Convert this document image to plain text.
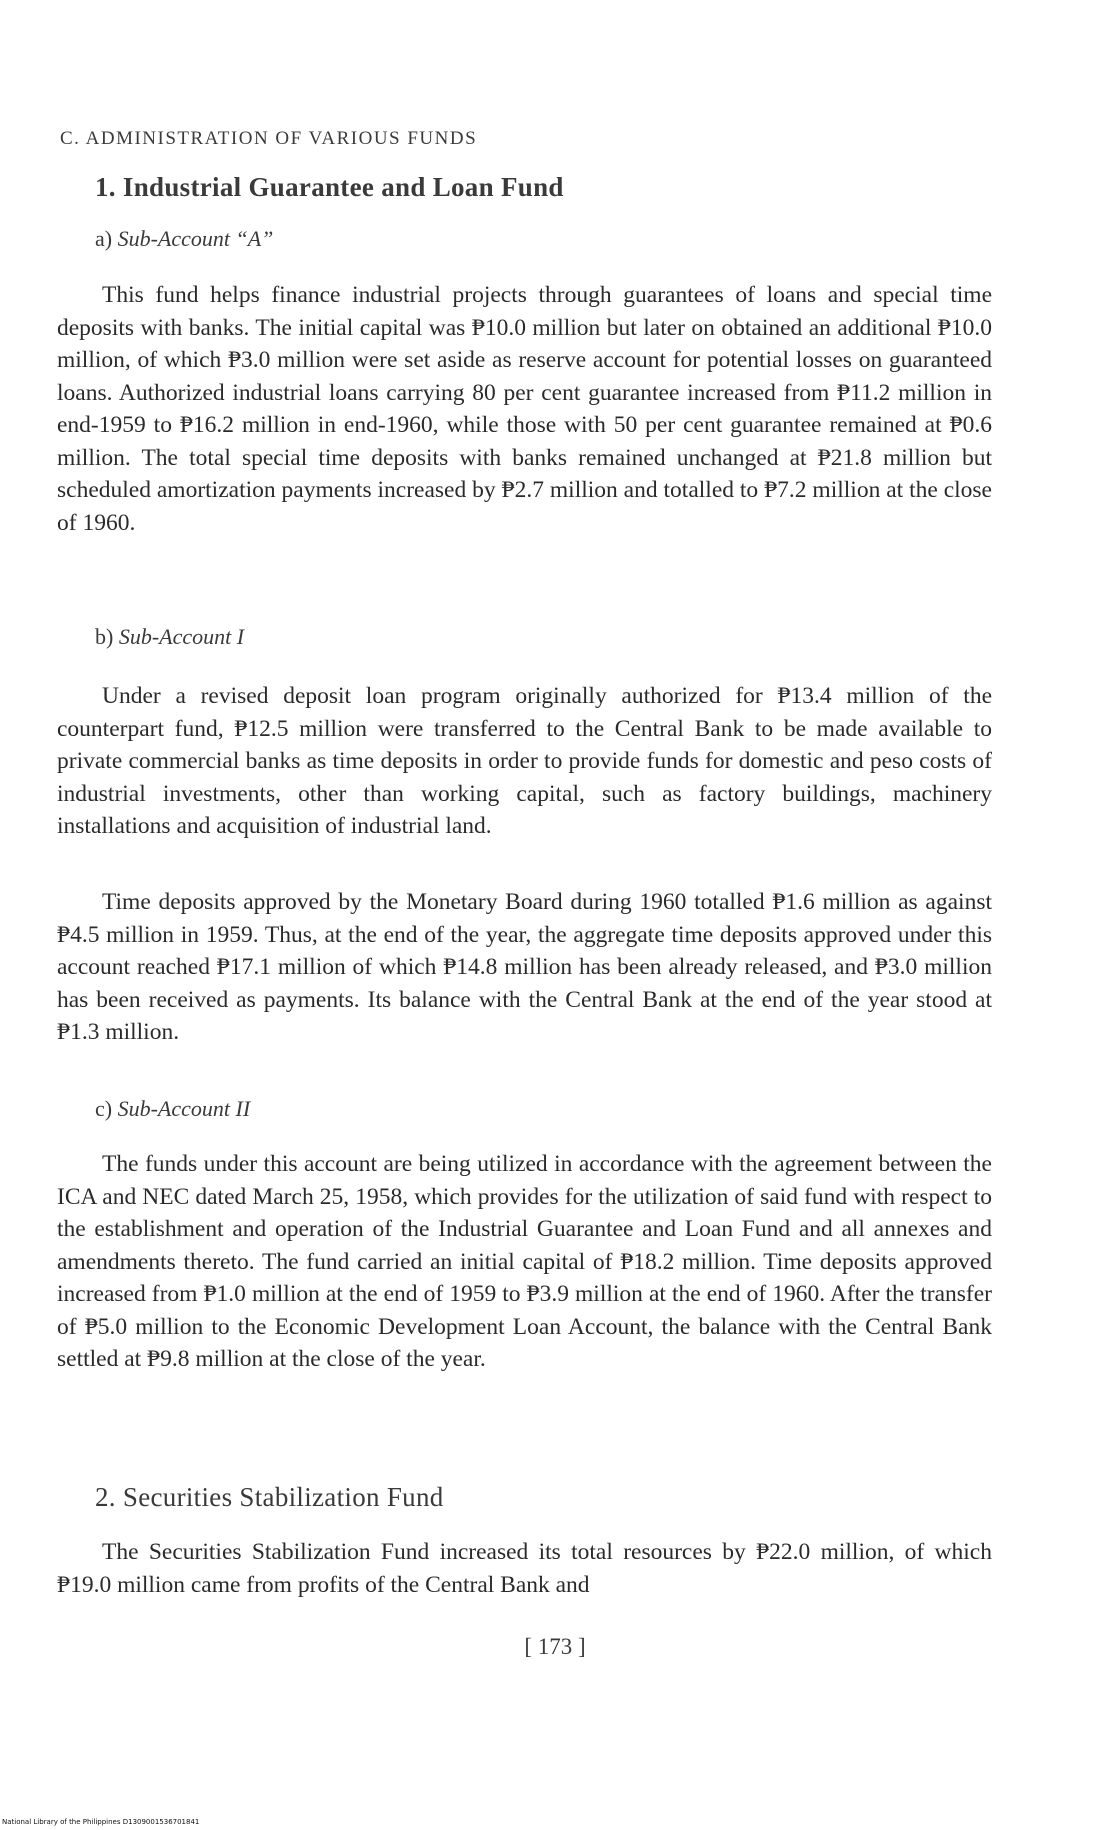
C. ADMINISTRATION OF VARIOUS FUNDS
1. Industrial Guarantee and Loan Fund
a) Sub-Account “A”

This fund helps finance industrial projects through guarantees of loans and special time deposits with banks. The initial capital was ₱10.0 million but later on obtained an additional ₱10.0 million, of which ₱3.0 million were set aside as reserve account for potential losses on guaranteed loans. Authorized industrial loans carrying 80 per cent guarantee increased from ₱11.2 million in end-1959 to ₱16.2 million in end-1960, while those with 50 per cent guarantee remained at ₱0.6 million. The total special time deposits with banks remained unchanged at ₱21.8 million but scheduled amortization payments increased by ₱2.7 million and totalled to ₱7.2 million at the close of 1960.

b) Sub-Account I

Under a revised deposit loan program originally authorized for ₱13.4 million of the counterpart fund, ₱12.5 million were transferred to the Central Bank to be made available to private commercial banks as time deposits in order to provide funds for domestic and peso costs of industrial investments, other than working capital, such as factory buildings, machinery installations and acquisition of industrial land.

Time deposits approved by the Monetary Board during 1960 totalled ₱1.6 million as against ₱4.5 million in 1959. Thus, at the end of the year, the aggregate time deposits approved under this account reached ₱17.1 million of which ₱14.8 million has been already released, and ₱3.0 million has been received as payments. Its balance with the Central Bank at the end of the year stood at ₱1.3 million.

c) Sub-Account II

The funds under this account are being utilized in accordance with the agreement between the ICA and NEC dated March 25, 1958, which provides for the utilization of said fund with respect to the establishment and operation of the Industrial Guarantee and Loan Fund and all annexes and amendments thereto. The fund carried an initial capital of ₱18.2 million. Time deposits approved increased from ₱1.0 million at the end of 1959 to ₱3.9 million at the end of 1960. After the transfer of ₱5.0 million to the Economic Development Loan Account, the balance with the Central Bank settled at ₱9.8 million at the close of the year.

2. Securities Stabilization Fund

The Securities Stabilization Fund increased its total resources by ₱22.0 million, of which ₱19.0 million came from profits of the Central Bank and

[ 173 ]
National Library of the Philippines D1309001536701841
